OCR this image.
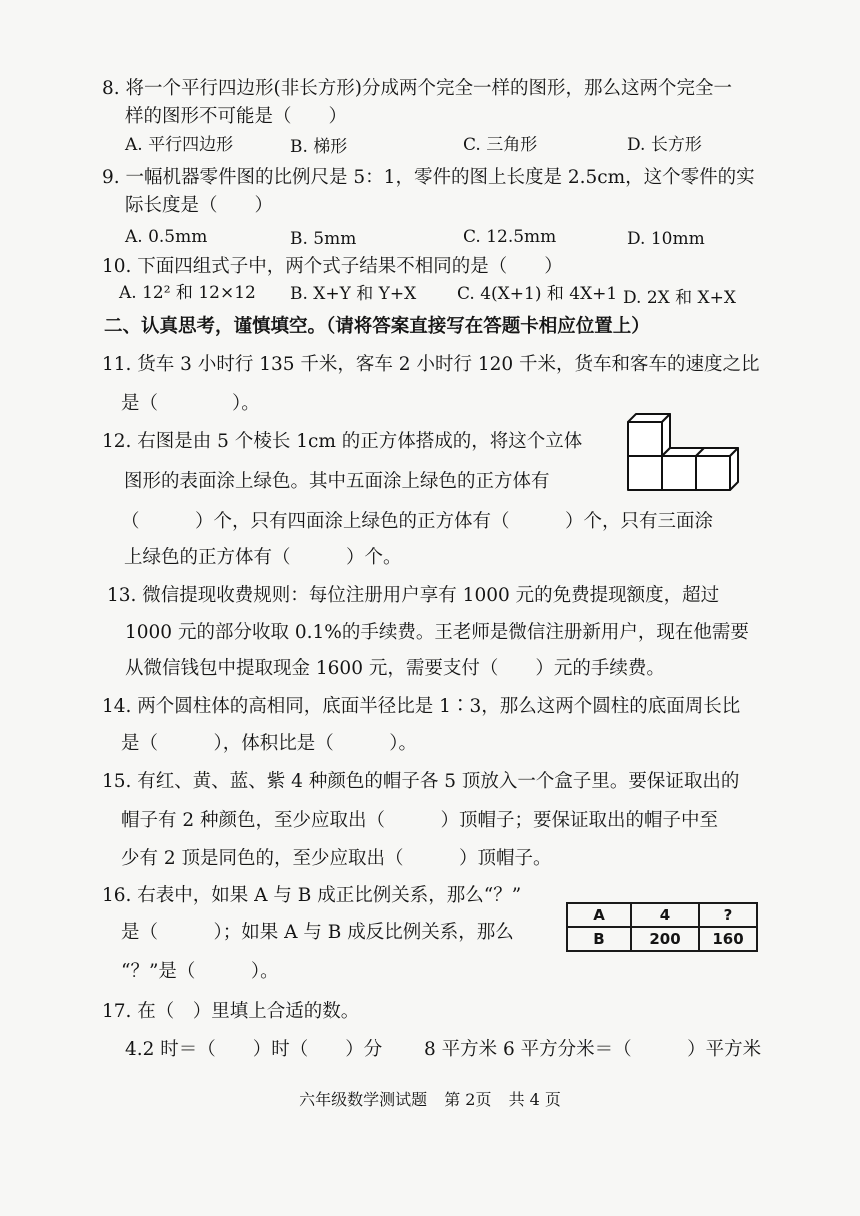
8. 将一个平行四边形(非长方形)分成两个完全一样的图形，那么这两个完全一
样的图形不可能是（　　）
A. 平行四边形	B. 梯形	C. 三角形	D. 长方形
9. 一幅机器零件图的比例尺是 5：1，零件的图上长度是 2.5cm，这个零件的实
际长度是（　　）
A. 0.5mm	B. 5mm	C. 12.5mm	D. 10mm
10. 下面四组式子中，两个式子结果不相同的是（　　）
A. 12² 和 12×12 B. X+Y 和 Y+X C. 4(X+1) 和 4X+1 D. 2X 和 X+X
二、认真思考，谨慎填空。（请将答案直接写在答题卡相应位置上）
11. 货车 3 小时行 135 千米，客车 2 小时行 120 千米，货车和客车的速度之比
是（　　　　）。
12. 右图是由 5 个棱长 1cm 的正方体搭成的，将这个立体
图形的表面涂上绿色。其中五面涂上绿色的正方体有
（　　　）个，只有四面涂上绿色的正方体有（　　　）个，只有三面涂
上绿色的正方体有（　　　）个。
13. 微信提现收费规则：每位注册用户享有 1000 元的免费提现额度，超过
1000 元的部分收取 0.1%的手续费。王老师是微信注册新用户，现在他需要
从微信钱包中提取现金 1600 元，需要支付（　　）元的手续费。
14. 两个圆柱体的高相同，底面半径比是 1∶3，那么这两个圆柱的底面周长比
是（　　　），体积比是（　　　）。
15. 有红、黄、蓝、紫 4 种颜色的帽子各 5 顶放入一个盒子里。要保证取出的
帽子有 2 种颜色，至少应取出（　　　）顶帽子；要保证取出的帽子中至
少有 2 顶是同色的，至少应取出（　　　）顶帽子。
16. 右表中，如果 A 与 B 成正比例关系，那么“？”
是（　　　）；如果 A 与 B 成反比例关系，那么
“？”是（　　　）。
A	4	?
B	200	160
17. 在（　）里填上合适的数。
4.2 时＝（　　）时（　　）分 8 平方米 6 平方分米＝（　　　）平方米
六年级数学测试题 第 2页 共 4 页
